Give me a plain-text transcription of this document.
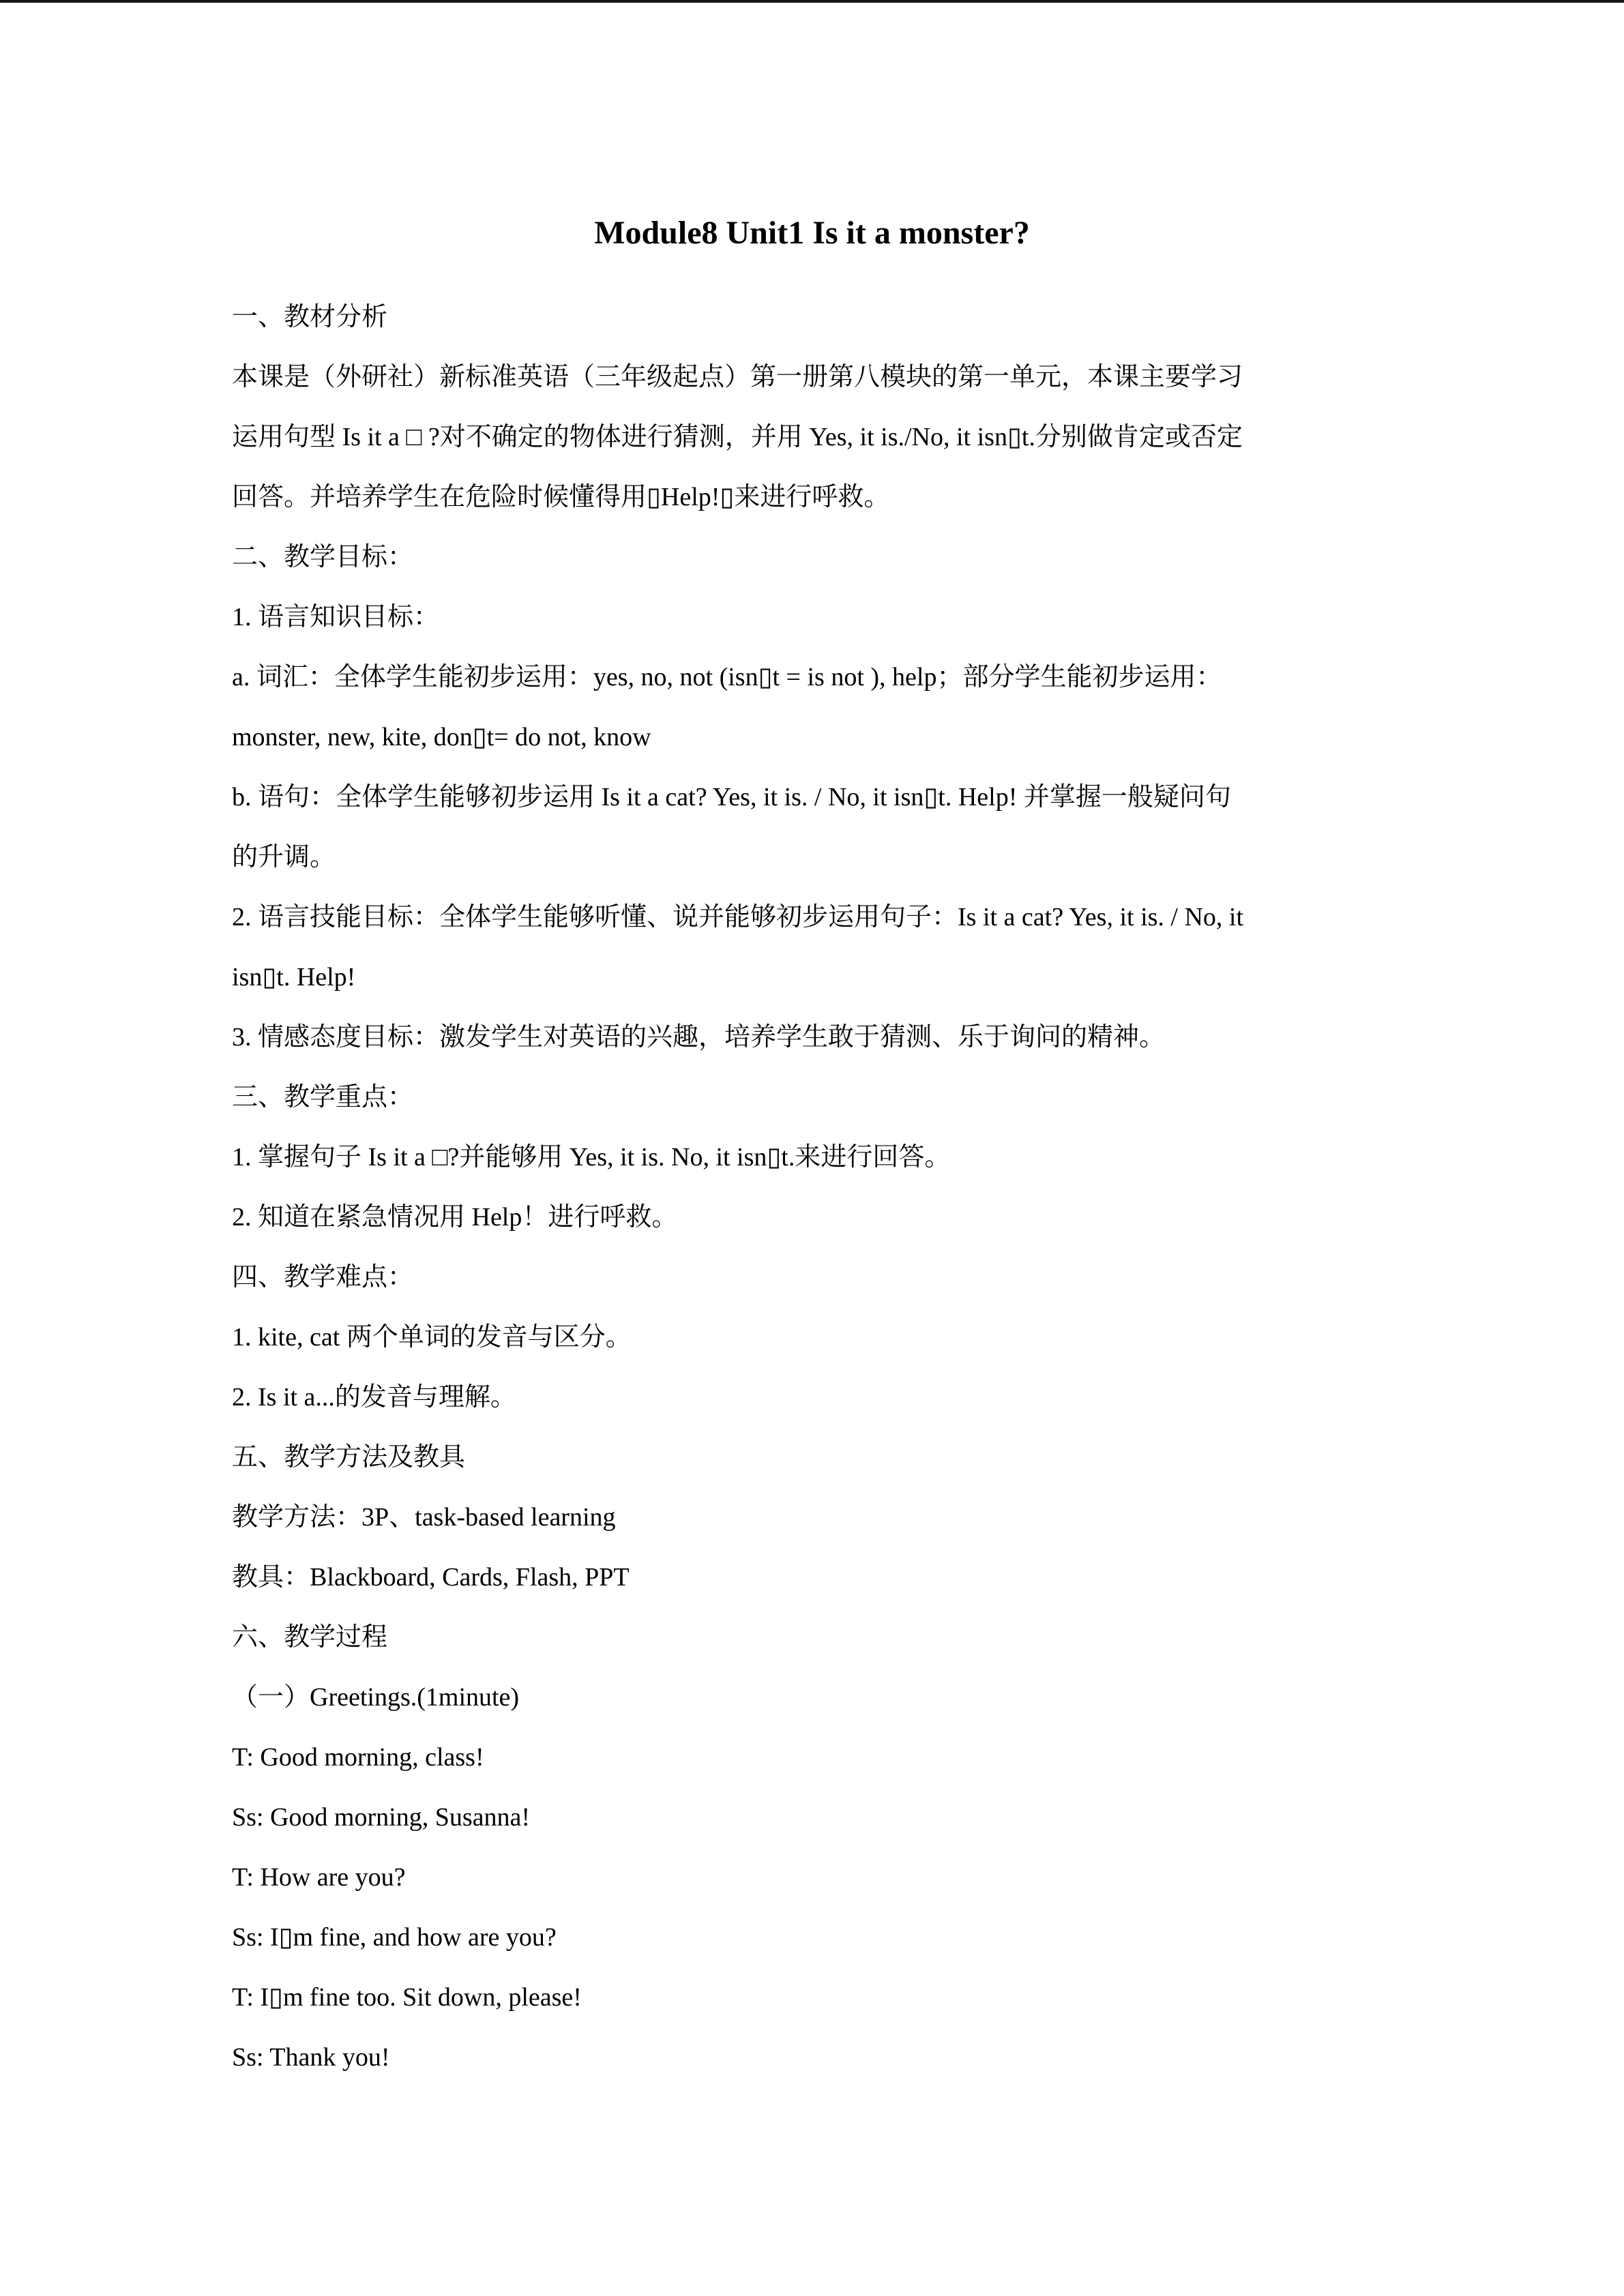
Module8 Unit1 Is it a monster?

一、教材分析

本课是（外研社）新标准英语（三年级起点）第一册第八模块的第一单元，本课主要学习

运用句型 Is it a □ ?对不确定的物体进行猜测，并用 Yes, it is./No, it isn▯t.分别做肯定或否定

回答。并培养学生在危险时候懂得用▯Help!▯来进行呼救。

二、教学目标：

1. 语言知识目标：

a. 词汇：全体学生能初步运用：yes, no, not (isn▯t = is not ), help；部分学生能初步运用：

monster, new, kite, don▯t= do not, know

b. 语句：全体学生能够初步运用 Is it a cat? Yes, it is. / No, it isn▯t. Help! 并掌握一般疑问句

的升调。

2. 语言技能目标：全体学生能够听懂、说并能够初步运用句子：Is it a cat? Yes, it is. / No, it

isn▯t. Help!

3. 情感态度目标：激发学生对英语的兴趣，培养学生敢于猜测、乐于询问的精神。

三、教学重点：

1. 掌握句子 Is it a □?并能够用 Yes, it is. No, it isn▯t.来进行回答。

2. 知道在紧急情况用 Help！进行呼救。

四、教学难点：

1. kite, cat 两个单词的发音与区分。

2. Is it a...的发音与理解。

五、教学方法及教具

教学方法：3P、task-based learning

教具：Blackboard, Cards, Flash, PPT

六、教学过程

（一）Greetings.(1minute)

T: Good morning, class!

Ss: Good morning, Susanna!

T: How are you?

Ss: I▯m fine, and how are you?

T: I▯m fine too. Sit down, please!

Ss: Thank you!
